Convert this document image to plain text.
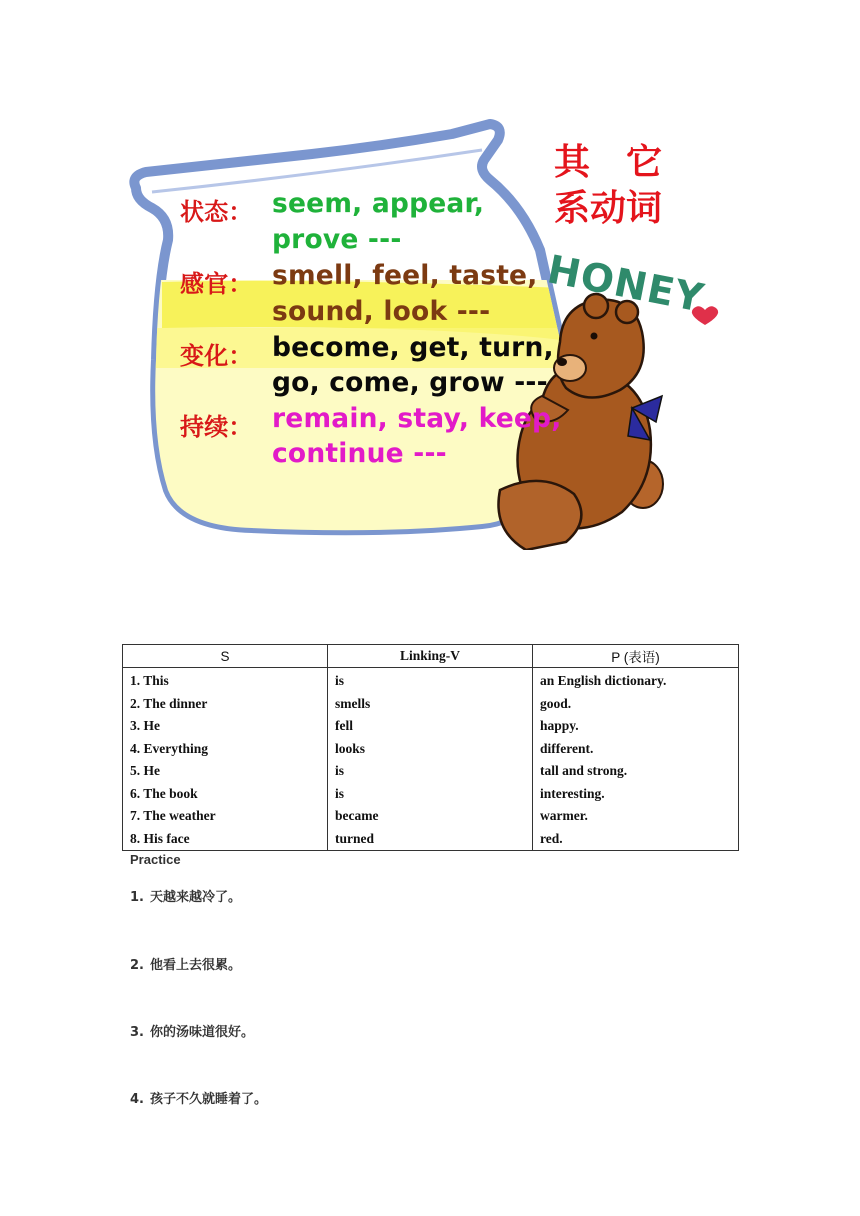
状态： seem, appear,
prove ---
感官： smell, feel, taste,
sound, look ---
变化： become, get, turn,
go, come, grow ---
持续： remain, stay, keep,
continue ---
其　它
系动词
HONEY
S	Linking-V	P (表语)
1. This	is	an English dictionary.
2. The dinner	smells	good.
3. He	fell	happy.
4. Everything	looks	different.
5. He	is	tall and strong.
6. The book	is	interesting.
7. The weather	became	warmer.
8. His face	turned	red.
Practice
1. 天越来越冷了。
2. 他看上去很累。
3. 你的汤味道很好。
4. 孩子不久就睡着了。
